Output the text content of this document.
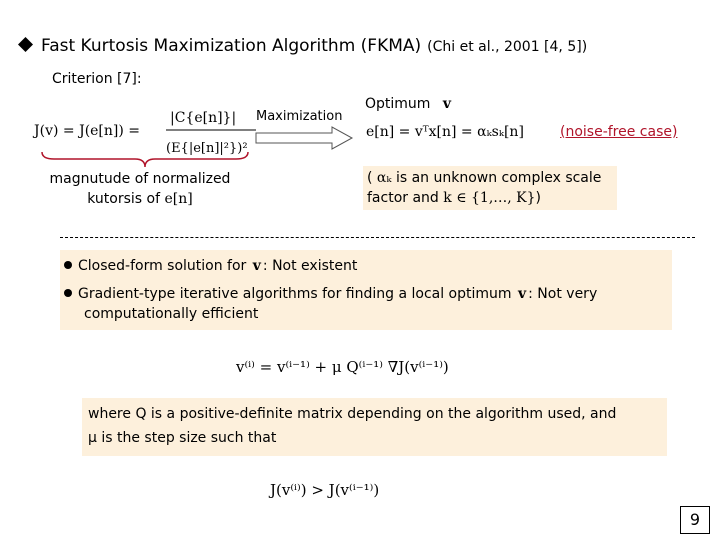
Fast Kurtosis Maximization Algorithm (FKMA) (Chi et al., 2001 [4, 5])
Criterion [7]:
J(v) = J(e[n]) =
|C{e[n]}|
(E{|e[n]|²})²
magnutude of normalized
kutorsis of e[n]
Maximization
Optimum v
e[n] = vᵀx[n] = αₖsₖ[n]	(noise-free case)
( αₖ is an unknown complex scale
factor and k ∈ {1,…, K})
Closed-form solution for v : Not existent
Gradient-type iterative algorithms for finding a local optimum v : Not very
computationally efficient
v⁽ⁱ⁾ = v⁽ⁱ⁻¹⁾ + μ Q⁽ⁱ⁻¹⁾ ∇J(v⁽ⁱ⁻¹⁾)
where Q is a positive-definite matrix depending on the algorithm used, and
μ is the step size such that
J(v⁽ⁱ⁾) > J(v⁽ⁱ⁻¹⁾)
9
